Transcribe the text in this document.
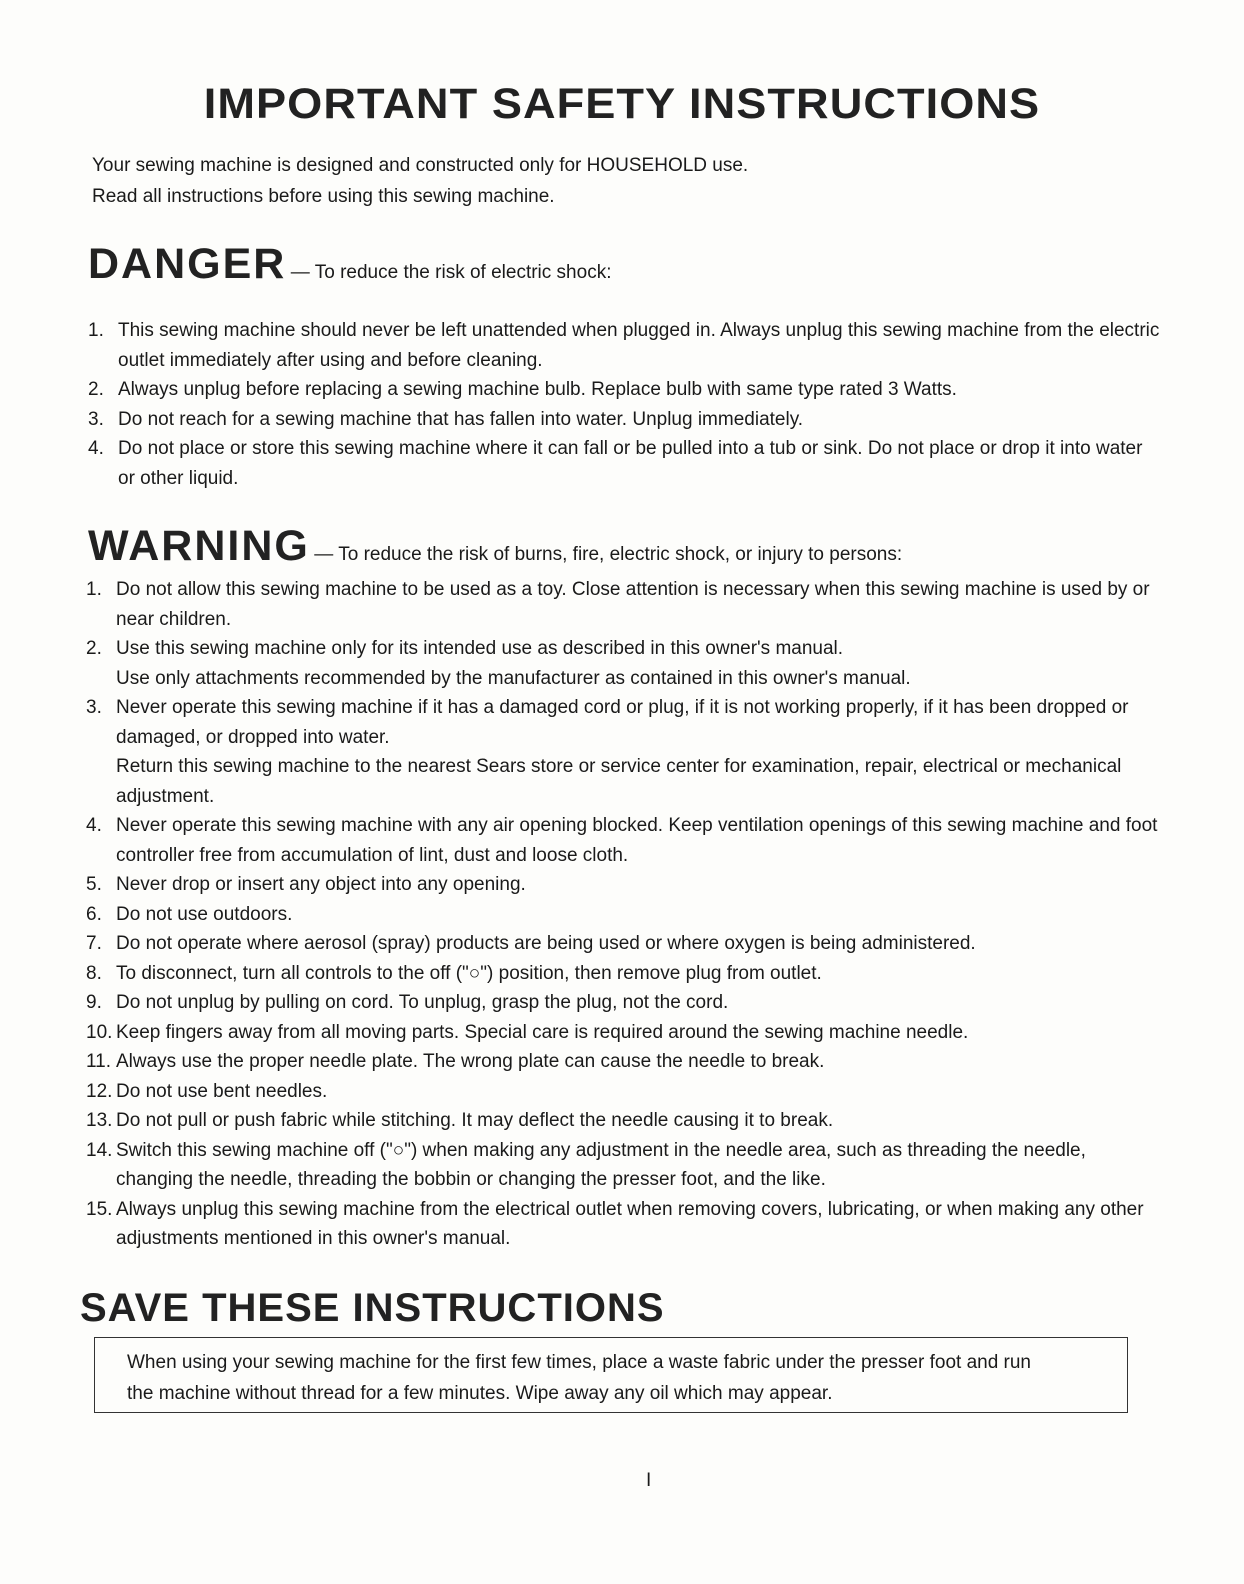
IMPORTANT SAFETY INSTRUCTIONS
Your sewing machine is designed and constructed only for HOUSEHOLD use.
Read all instructions before using this sewing machine.
DANGER — To reduce the risk of electric shock:
1. This sewing machine should never be left unattended when plugged in. Always unplug this sewing machine from the electric outlet immediately after using and before cleaning.
2. Always unplug before replacing a sewing machine bulb. Replace bulb with same type rated 3 Watts.
3. Do not reach for a sewing machine that has fallen into water. Unplug immediately.
4. Do not place or store this sewing machine where it can fall or be pulled into a tub or sink. Do not place or drop it into water or other liquid.
WARNING — To reduce the risk of burns, fire, electric shock, or injury to persons:
1. Do not allow this sewing machine to be used as a toy. Close attention is necessary when this sewing machine is used by or near children.
2. Use this sewing machine only for its intended use as described in this owner's manual.
Use only attachments recommended by the manufacturer as contained in this owner's manual.
3. Never operate this sewing machine if it has a damaged cord or plug, if it is not working properly, if it has been dropped or damaged, or dropped into water.
Return this sewing machine to the nearest Sears store or service center for examination, repair, electrical or mechanical adjustment.
4. Never operate this sewing machine with any air opening blocked. Keep ventilation openings of this sewing machine and foot controller free from accumulation of lint, dust and loose cloth.
5. Never drop or insert any object into any opening.
6. Do not use outdoors.
7. Do not operate where aerosol (spray) products are being used or where oxygen is being administered.
8. To disconnect, turn all controls to the off ("○") position, then remove plug from outlet.
9. Do not unplug by pulling on cord. To unplug, grasp the plug, not the cord.
10. Keep fingers away from all moving parts. Special care is required around the sewing machine needle.
11. Always use the proper needle plate. The wrong plate can cause the needle to break.
12. Do not use bent needles.
13. Do not pull or push fabric while stitching. It may deflect the needle causing it to break.
14. Switch this sewing machine off ("○") when making any adjustment in the needle area, such as threading the needle, changing the needle, threading the bobbin or changing the presser foot, and the like.
15. Always unplug this sewing machine from the electrical outlet when removing covers, lubricating, or when making any other adjustments mentioned in this owner's manual.
SAVE THESE INSTRUCTIONS
When using your sewing machine for the first few times, place a waste fabric under the presser foot and run
the machine without thread for a few minutes. Wipe away any oil which may appear.
I
